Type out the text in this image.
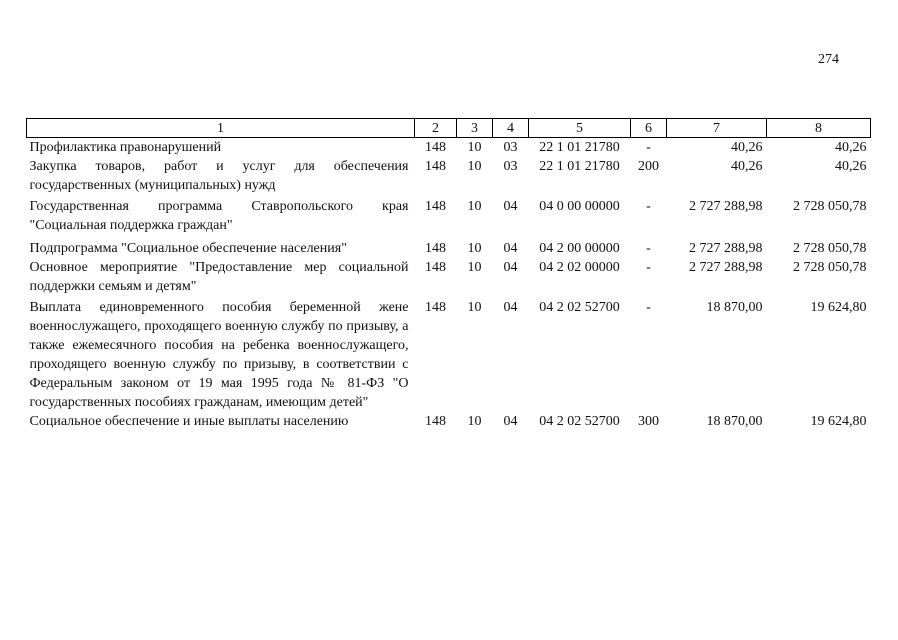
274
1	2	3	4	5	6	7	8
Профилактика правонарушений	148	10	03	22 1 01 21780	-	40,26	40,26
Закупка товаров, работ и услуг для обеспечения государственных (муниципальных) нужд	148	10	03	22 1 01 21780	200	40,26	40,26
Государственная программа Ставропольского края "Социальная поддержка граждан"	148	10	04	04 0 00 00000	-	2 727 288,98	2 728 050,78
Подпрограмма "Социальное обеспечение населения"	148	10	04	04 2 00 00000	-	2 727 288,98	2 728 050,78
Основное мероприятие "Предоставление мер социальной поддержки семьям и детям"	148	10	04	04 2 02 00000	-	2 727 288,98	2 728 050,78
Выплата единовременного пособия беременной жене военнослужащего, проходящего военную службу по призыву, а также ежемесячного пособия на ребенка военнослужащего, проходящего военную службу по призыву, в соответствии с Федеральным законом от 19 мая 1995 года № 81-ФЗ "О государственных пособиях гражданам, имеющим детей"	148	10	04	04 2 02 52700	-	18 870,00	19 624,80
Социальное обеспечение и иные выплаты населению	148	10	04	04 2 02 52700	300	18 870,00	19 624,80
